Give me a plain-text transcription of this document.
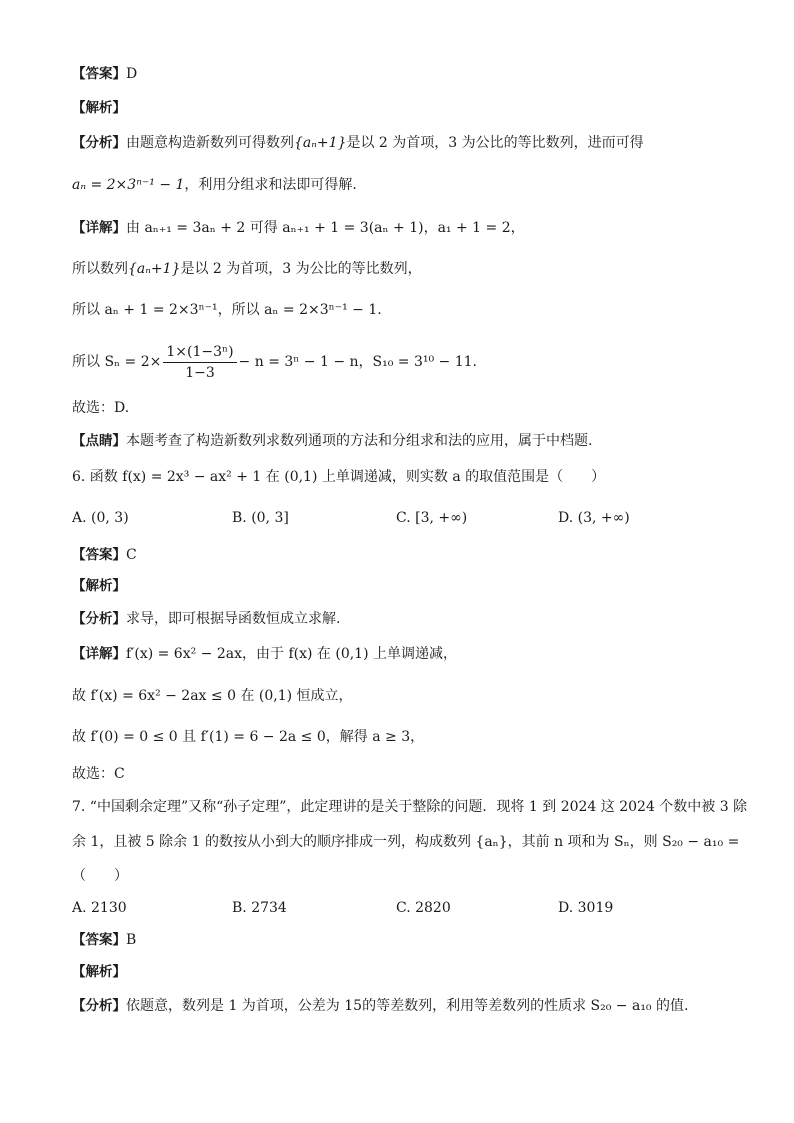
【答案】D
【解析】
【分析】由题意构造新数列可得数列{aₙ+1}是以 2 为首项，3 为公比的等比数列，进而可得
aₙ = 2×3ⁿ⁻¹ − 1，利用分组求和法即可得解.
【详解】由 aₙ₊₁ = 3aₙ + 2 可得 aₙ₊₁ + 1 = 3(aₙ + 1)，a₁ + 1 = 2，
所以数列{aₙ+1}是以 2 为首项，3 为公比的等比数列，
所以 aₙ + 1 = 2×3ⁿ⁻¹，所以 aₙ = 2×3ⁿ⁻¹ − 1.
所以 $S_n = 2\times \frac{\text{1×(1−3ⁿ)}}{1-3} - n = 3^n - 1 - n$，S₁₀ = 3¹⁰ − 11.
故选：D.
【点睛】本题考查了构造新数列求数列通项的方法和分组求和法的应用，属于中档题.
6. 函数 f(x) = 2x³ − ax² + 1 在 (0,1) 上单调递减，则实数 a 的取值范围是（　　）
A. (0, 3)	B. (0, 3]	C. [3, +∞)	D. (3, +∞)
【答案】C
【解析】
【分析】求导，即可根据导函数恒成立求解.
【详解】f′(x) = 6x² − 2ax，由于 f(x) 在 (0,1) 上单调递减，
故 f′(x) = 6x² − 2ax ≤ 0 在 (0,1) 恒成立，
故 f′(0) = 0 ≤ 0 且 f′(1) = 6 − 2a ≤ 0，解得 a ≥ 3，
故选：C
7. “中国剩余定理”又称“孙子定理”，此定理讲的是关于整除的问题．现将 1 到 2024 这 2024 个数中被 3 除
余 1，且被 5 除余 1 的数按从小到大的顺序排成一列，构成数列 {aₙ}，其前 n 项和为 Sₙ，则 S₂₀ − a₁₀ =
（　　）
A. 2130	B. 2734	C. 2820	D. 3019
【答案】B
【解析】
【分析】依题意，数列是 1 为首项，公差为 15的等差数列，利用等差数列的性质求 S₂₀ − a₁₀ 的值.
